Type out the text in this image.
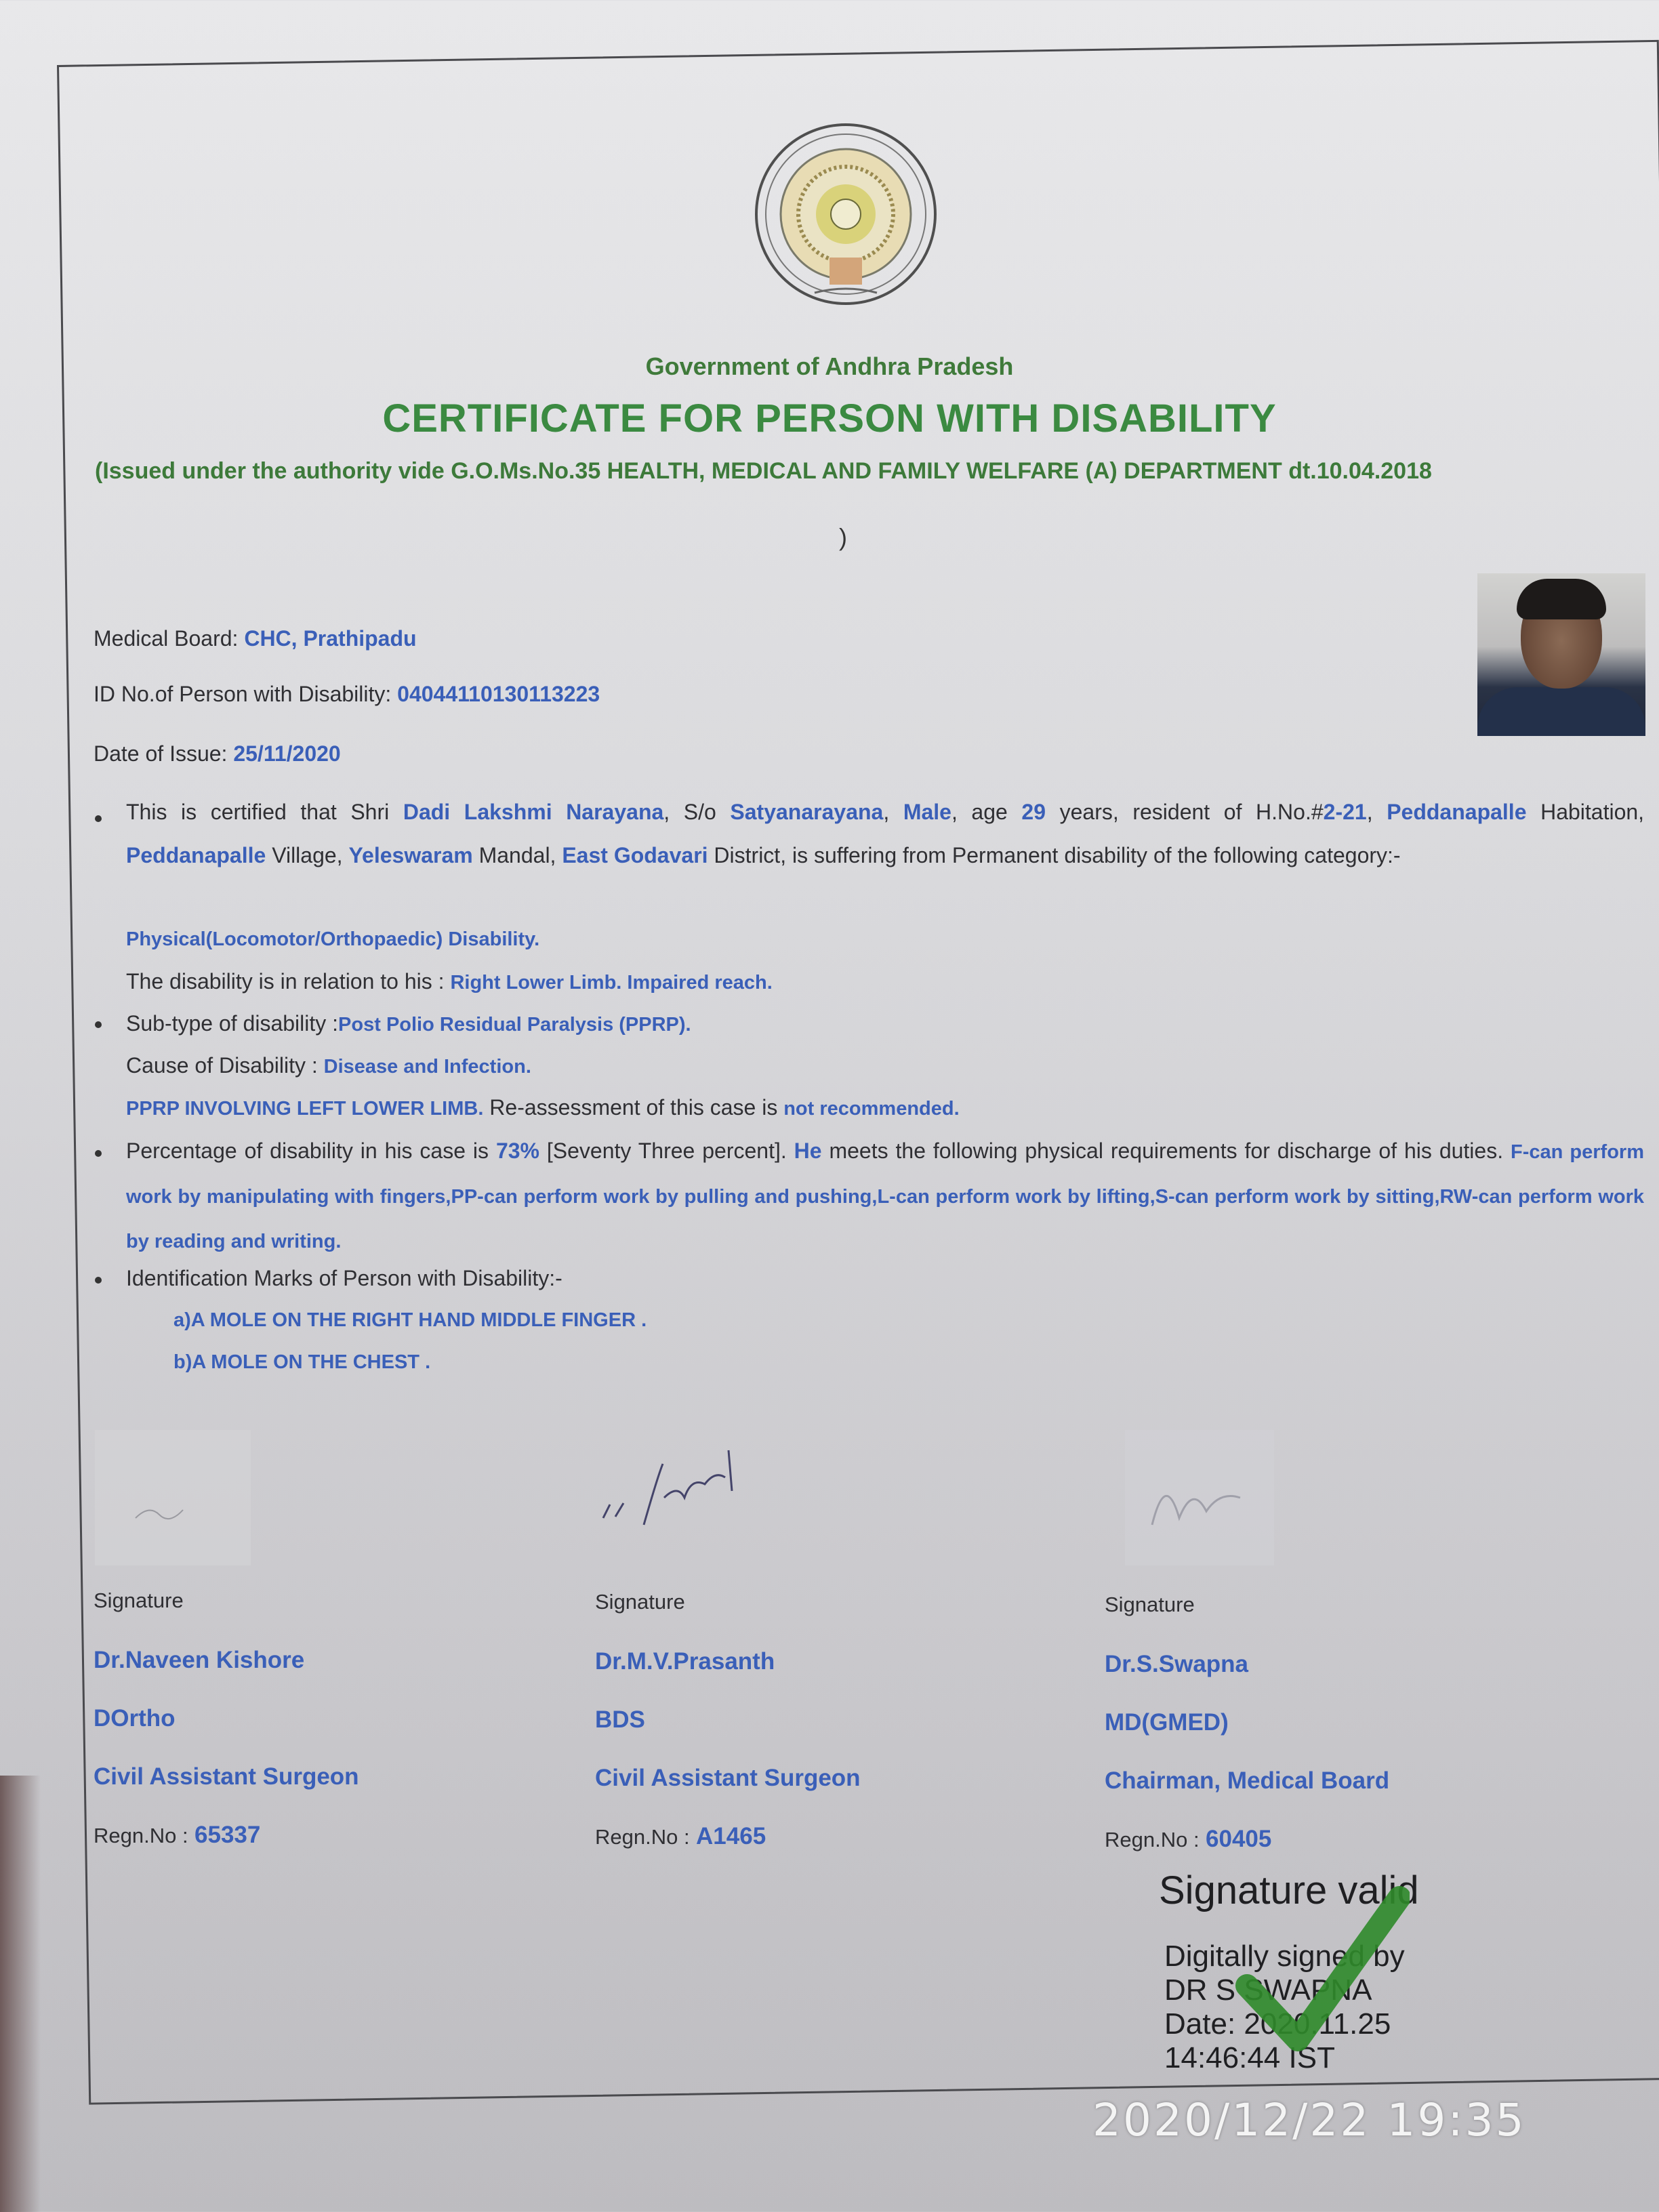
Government of Andhra Pradesh
CERTIFICATE FOR PERSON WITH DISABILITY
(Issued under the authority vide G.O.Ms.No.35 HEALTH, MEDICAL AND FAMILY WELFARE (A) DEPARTMENT dt.10.04.2018
)
Medical Board: CHC, Prathipadu
ID No.of Person with Disability: 04044110130113223
Date of Issue: 25/11/2020
This is certified that Shri Dadi Lakshmi Narayana, S/o Satyanarayana, Male, age 29 years, resident of H.No.#2-21, Peddanapalle Habitation, Peddanapalle Village, Yeleswaram Mandal, East Godavari District, is suffering from Permanent disability of the following category:-
Physical(Locomotor/Orthopaedic) Disability.
The disability is in relation to his : Right Lower Limb. Impaired reach.
Sub-type of disability :Post Polio Residual Paralysis (PPRP).
Cause of Disability : Disease and Infection.
PPRP INVOLVING LEFT LOWER LIMB. Re-assessment of this case is not recommended.
Percentage of disability in his case is 73% [Seventy Three percent]. He meets the following physical requirements for discharge of his duties. F-can perform work by manipulating with fingers,PP-can perform work by pulling and pushing,L-can perform work by lifting,S-can perform work by sitting,RW-can perform work by reading and writing.
Identification Marks of Person with Disability:-
a)A MOLE ON THE RIGHT HAND MIDDLE FINGER .
b)A MOLE ON THE CHEST .
Signature
Dr.Naveen Kishore
DOrtho
Civil Assistant Surgeon
Regn.No : 65337
Signature
Dr.M.V.Prasanth
BDS
Civil Assistant Surgeon
Regn.No : A1465
Signature
Dr.S.Swapna
MD(GMED)
Chairman, Medical Board
Regn.No : 60405
Signature valid
Digitally signed by
DR S SWAPNA
Date: 2020.11.25
14:46:44 IST
2020/12/22 19:35
